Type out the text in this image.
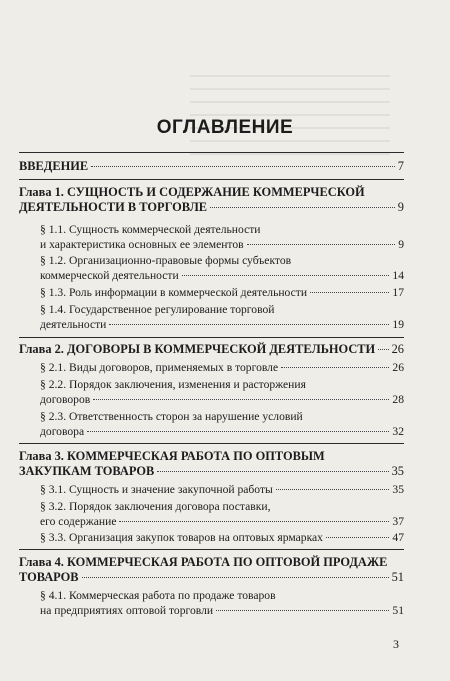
ОГЛАВЛЕНИЕ
ВВЕДЕНИЕ	7
Глава 1. СУЩНОСТЬ И СОДЕРЖАНИЕ КОММЕРЧЕСКОЙ
ДЕЯТЕЛЬНОСТИ В ТОРГОВЛЕ	9
§ 1.1. Сущность коммерческой деятельности
и характеристика основных ее элементов	9
§ 1.2. Организационно-правовые формы субъектов
коммерческой деятельности	14
§ 1.3. Роль информации в коммерческой деятельности	17
§ 1.4. Государственное регулирование торговой
деятельности	19
Глава 2. ДОГОВОРЫ В КОММЕРЧЕСКОЙ ДЕЯТЕЛЬНОСТИ 26
§ 2.1. Виды договоров, применяемых в торговле	26
§ 2.2. Порядок заключения, изменения и расторжения
договоров	28
§ 2.3. Ответственность сторон за нарушение условий
договора	32
Глава 3. КОММЕРЧЕСКАЯ РАБОТА ПО ОПТОВЫМ
ЗАКУПКАМ ТОВАРОВ	35
§ 3.1. Сущность и значение закупочной работы	35
§ 3.2. Порядок заключения договора поставки,
его содержание	37
§ 3.3. Организация закупок товаров на оптовых ярмарках	47
Глава 4. КОММЕРЧЕСКАЯ РАБОТА ПО ОПТОВОЙ ПРОДАЖЕ
ТОВАРОВ	51
§ 4.1. Коммерческая работа по продаже товаров
на предприятиях оптовой торговли	51
3
